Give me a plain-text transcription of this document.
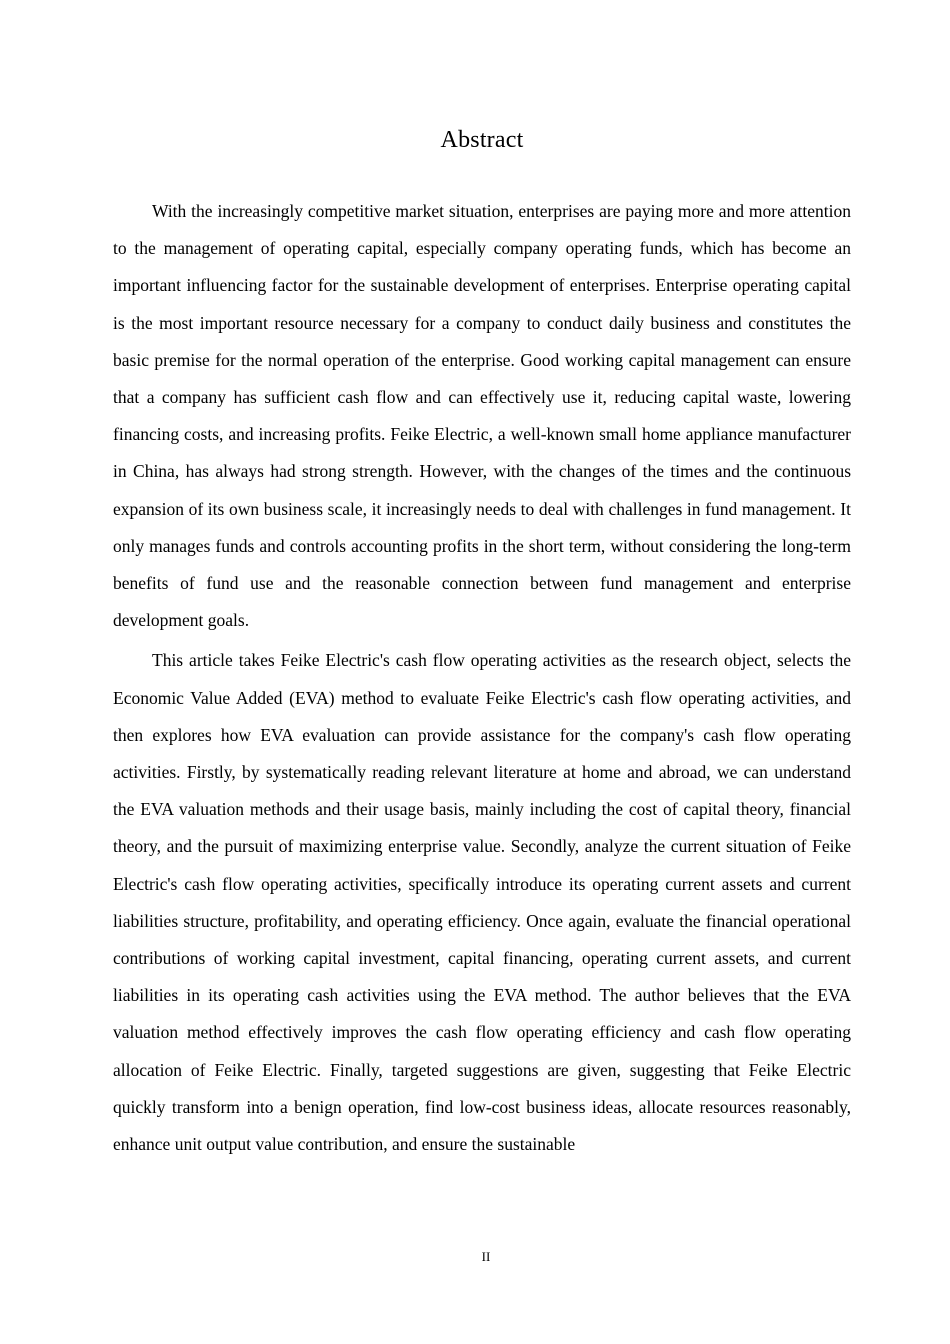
Abstract

With the increasingly competitive market situation, enterprises are paying more and more attention to the management of operating capital, especially company operating funds, which has become an important influencing factor for the sustainable development of enterprises. Enterprise operating capital is the most important resource necessary for a company to conduct daily business and constitutes the basic premise for the normal operation of the enterprise. Good working capital management can ensure that a company has sufficient cash flow and can effectively use it, reducing capital waste, lowering financing costs, and increasing profits. Feike Electric, a well-known small home appliance manufacturer in China, has always had strong strength. However, with the changes of the times and the continuous expansion of its own business scale, it increasingly needs to deal with challenges in fund management. It only manages funds and controls accounting profits in the short term, without considering the long-term benefits of fund use and the reasonable connection between fund management and enterprise development goals.

This article takes Feike Electric's cash flow operating activities as the research object, selects the Economic Value Added (EVA) method to evaluate Feike Electric's cash flow operating activities, and then explores how EVA evaluation can provide assistance for the company's cash flow operating activities. Firstly, by systematically reading relevant literature at home and abroad, we can understand the EVA valuation methods and their usage basis, mainly including the cost of capital theory, financial theory, and the pursuit of maximizing enterprise value. Secondly, analyze the current situation of Feike Electric's cash flow operating activities, specifically introduce its operating current assets and current liabilities structure, profitability, and operating efficiency. Once again, evaluate the financial operational contributions of working capital investment, capital financing, operating current assets, and current liabilities in its operating cash activities using the EVA method. The author believes that the EVA valuation method effectively improves the cash flow operating efficiency and cash flow operating allocation of Feike Electric. Finally, targeted suggestions are given, suggesting that Feike Electric quickly transform into a benign operation, find low-cost business ideas, allocate resources reasonably, enhance unit output value contribution, and ensure the sustainable

II
